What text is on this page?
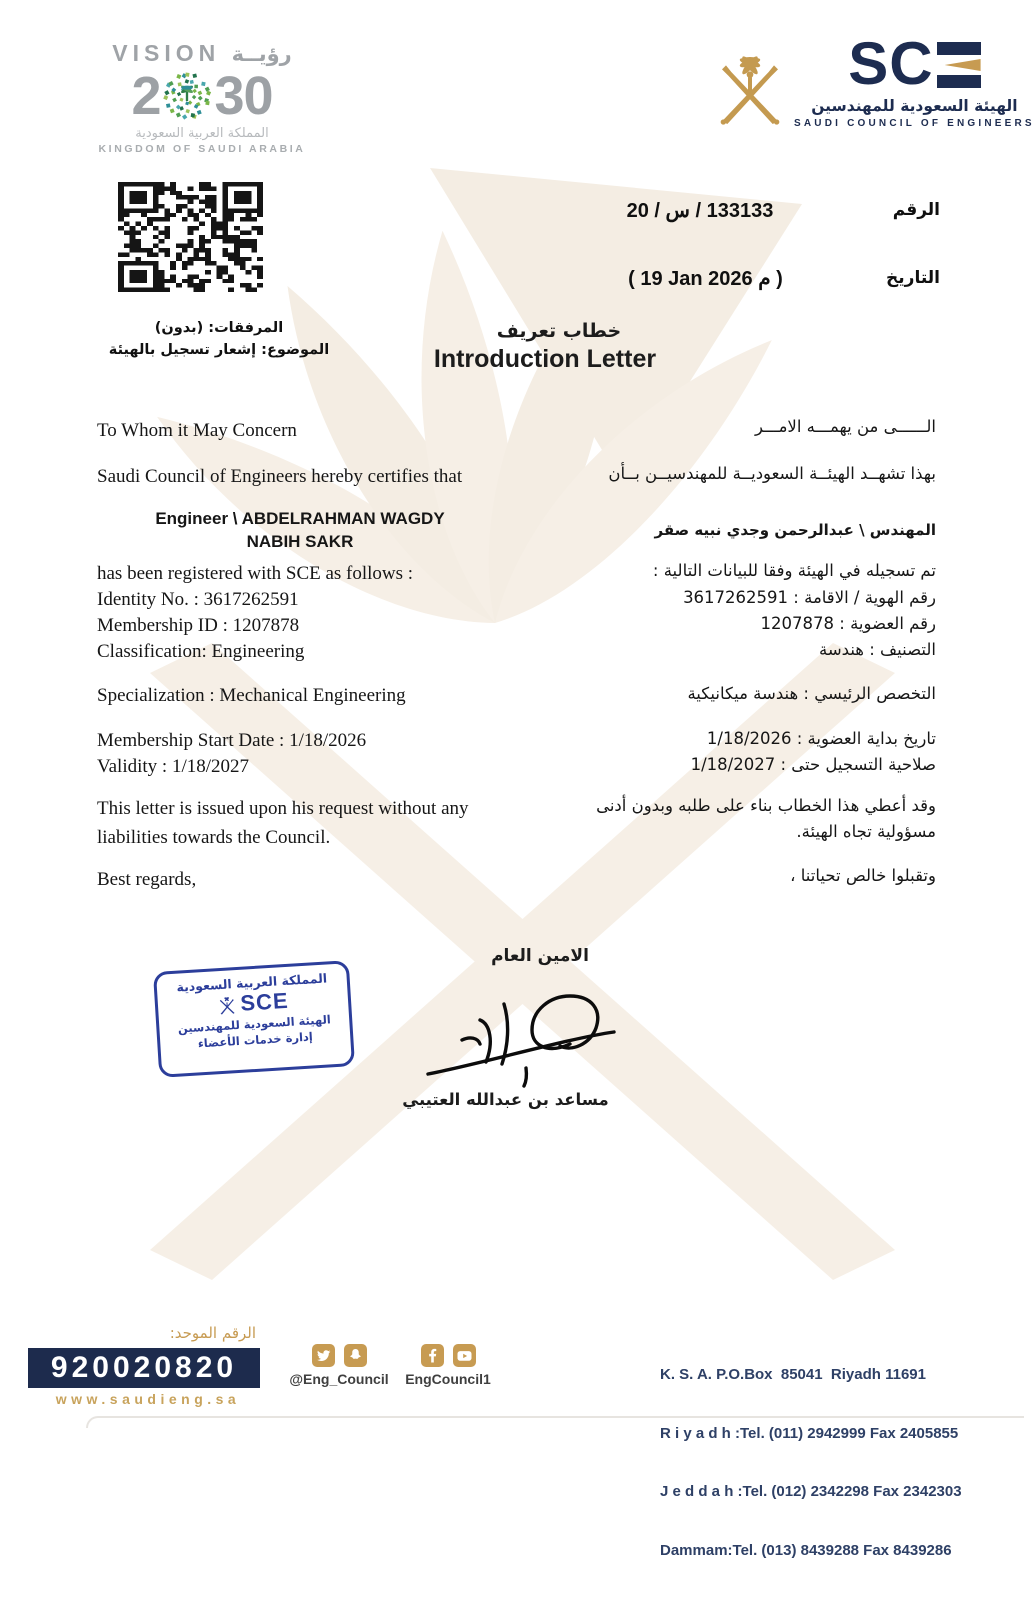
VISION رؤيــة
2 30
المملكة العربية السعودية
KINGDOM OF SAUDI ARABIA
SC
الهيئة السعودية للمهندسين
SAUDI COUNCIL OF ENGINEERS
الرقم
133133 / س / 20
التاريخ
( 19 Jan 2026 م )
المرفقات: (بدون)
الموضوع: إشعار تسجيل بالهيئة
خطاب تعريف
Introduction Letter
To Whom it May Concern
Saudi Council of Engineers hereby certifies that
Engineer \ ABDELRAHMAN WAGDY NABIH SAKR
has been registered with SCE as follows :
Identity No. : 3617262591
Membership ID : 1207878
Classification: Engineering
Specialization : Mechanical Engineering
Membership Start Date : 1/18/2026
Validity : 1/18/2027
This letter is issued upon his request without any liabilities towards the Council.
Best regards,
الــــــى من يهمـــه الامـــر
بهذا تشهــد الهيئــة السعوديــة للمهندسيــن بــأن
المهندس \ عبدالرحمن وجدي نبيه صقر
تم تسجيله في الهيئة وفقا للبيانات التالية :
رقم الهوية / الاقامة : 3617262591
رقم العضوية : 1207878
التصنيف : هندسة
التخصص الرئيسي : هندسة ميكانيكية
تاريخ بداية العضوية : 1/18/2026
صلاحية التسجيل حتى : 1/18/2027
وقد أعطي هذا الخطاب بناء على طلبه وبدون أدنى مسؤولية تجاه الهيئة.
وتقبلوا خالص تحياتنا ،
المملكة العربية السعودية
SCE
الهيئة السعودية للمهندسين
إدارة خدمات الأعضاء
الامين العام
مساعد بن عبدالله العتيبي
الرقم الموحد:
920020820
www.saudieng.sa
@Eng_Council	EngCouncil1

	K. S. A. P.O.Box  85041  Riyadh 11691

R i y a d h :Tel. (011) 2942999 Fax 2405855

J e d d a h :Tel. (012) 2342298 Fax 2342303

Dammam:Tel. (013) 8439288 Fax 8439286
